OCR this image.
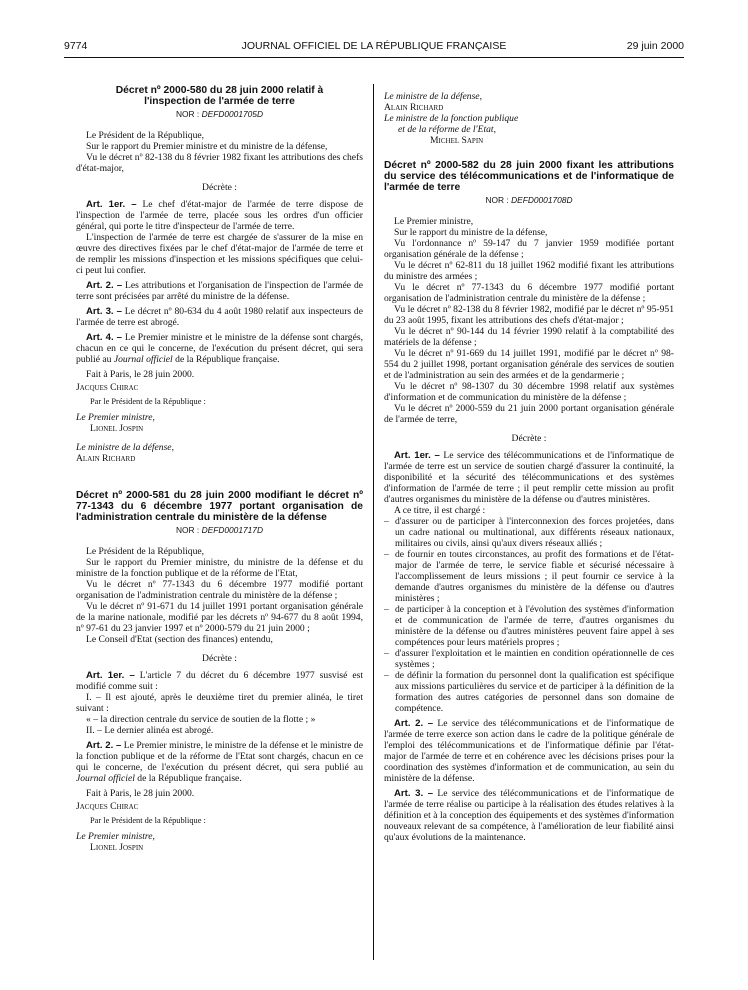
9774	JOURNAL OFFICIEL DE LA RÉPUBLIQUE FRANÇAISE	29 juin 2000
Décret nº 2000-580 du 28 juin 2000 relatif à l'inspection de l'armée de terre
NOR : DEFD0001705D

Le Président de la République,

Sur le rapport du Premier ministre et du ministre de la défense,

Vu le décret nº 82-138 du 8 février 1982 fixant les attributions des chefs d'état-major,

Décrète :

Art. 1er. – Le chef d'état-major de l'armée de terre dispose de l'inspection de l'armée de terre, placée sous les ordres d'un officier général, qui porte le titre d'inspecteur de l'armée de terre.

L'inspection de l'armée de terre est chargée de s'assurer de la mise en œuvre des directives fixées par le chef d'état-major de l'armée de terre et de remplir les missions d'inspection et les missions spécifiques que celui-ci peut lui confier.

Art. 2. – Les attributions et l'organisation de l'inspection de l'armée de terre sont précisées par arrêté du ministre de la défense.

Art. 3. – Le décret nº 80-634 du 4 août 1980 relatif aux inspecteurs de l'armée de terre est abrogé.

Art. 4. – Le Premier ministre et le ministre de la défense sont chargés, chacun en ce qui le concerne, de l'exécution du présent décret, qui sera publié au Journal officiel de la République française.

Fait à Paris, le 28 juin 2000.

Jacques Chirac

Par le Président de la République :

Le Premier ministre,

Lionel Jospin

Le ministre de la défense,

Alain Richard

Décret nº 2000-581 du 28 juin 2000 modifiant le décret nº 77-1343 du 6 décembre 1977 portant organisation de l'administration centrale du ministère de la défense
NOR : DEFD0001717D

Le Président de la République,

Sur le rapport du Premier ministre, du ministre de la défense et du ministre de la fonction publique et de la réforme de l'Etat,

Vu le décret nº 77-1343 du 6 décembre 1977 modifié portant organisation de l'administration centrale du ministère de la défense ;

Vu le décret nº 91-671 du 14 juillet 1991 portant organisation générale de la marine nationale, modifié par les décrets nº 94-677 du 8 août 1994, nº 97-61 du 23 janvier 1997 et nº 2000-579 du 21 juin 2000 ;

Le Conseil d'Etat (section des finances) entendu,

Décrète :

Art. 1er. – L'article 7 du décret du 6 décembre 1977 susvisé est modifié comme suit :

I. – Il est ajouté, après le deuxième tiret du premier alinéa, le tiret suivant :

« – la direction centrale du service de soutien de la flotte ; »

II. – Le dernier alinéa est abrogé.

Art. 2. – Le Premier ministre, le ministre de la défense et le ministre de la fonction publique et de la réforme de l'Etat sont chargés, chacun en ce qui le concerne, de l'exécution du présent décret, qui sera publié au Journal officiel de la République française.

Fait à Paris, le 28 juin 2000.

Jacques Chirac

Par le Président de la République :

Le Premier ministre,

Lionel Jospin

Le ministre de la défense,

Alain Richard

Le ministre de la fonction publique

et de la réforme de l'Etat,

Michel Sapin

Décret nº 2000-582 du 28 juin 2000 fixant les attributions du service des télécommunications et de l'informatique de l'armée de terre
NOR : DEFD0001708D

Le Premier ministre,

Sur le rapport du ministre de la défense,

Vu l'ordonnance nº 59-147 du 7 janvier 1959 modifiée portant organisation générale de la défense ;

Vu le décret nº 62-811 du 18 juillet 1962 modifié fixant les attributions du ministre des armées ;

Vu le décret nº 77-1343 du 6 décembre 1977 modifié portant organisation de l'administration centrale du ministère de la défense ;

Vu le décret nº 82-138 du 8 février 1982, modifié par le décret nº 95-951 du 23 août 1995, fixant les attributions des chefs d'état-major ;

Vu le décret nº 90-144 du 14 février 1990 relatif à la comptabilité des matériels de la défense ;

Vu le décret nº 91-669 du 14 juillet 1991, modifié par le décret nº 98-554 du 2 juillet 1998, portant organisation générale des services de soutien et de l'administration au sein des armées et de la gendarmerie ;

Vu le décret nº 98-1307 du 30 décembre 1998 relatif aux systèmes d'information et de communication du ministère de la défense ;

Vu le décret nº 2000-559 du 21 juin 2000 portant organisation générale de l'armée de terre,

Décrète :

Art. 1er. – Le service des télécommunications et de l'informatique de l'armée de terre est un service de soutien chargé d'assurer la continuité, la disponibilité et la sécurité des télécommunications et des systèmes d'information de l'armée de terre ; il peut remplir cette mission au profit d'autres organismes du ministère de la défense ou d'autres ministères.

A ce titre, il est chargé :

– d'assurer ou de participer à l'interconnexion des forces projetées, dans un cadre national ou multinational, aux différents réseaux nationaux, militaires ou civils, ainsi qu'aux divers réseaux alliés ;
– de fournir en toutes circonstances, au profit des formations et de l'état-major de l'armée de terre, le service fiable et sécurisé nécessaire à l'accomplissement de leurs missions ; il peut fournir ce service à la demande d'autres organismes du ministère de la défense ou d'autres ministères ;
– de participer à la conception et à l'évolution des systèmes d'information et de communication de l'armée de terre, d'autres organismes du ministère de la défense ou d'autres ministères peuvent faire appel à ses compétences pour leurs matériels propres ;
– d'assurer l'exploitation et le maintien en condition opérationnelle de ces systèmes ;
– de définir la formation du personnel dont la qualification est spécifique aux missions particulières du service et de participer à la définition de la formation des autres catégories de personnel dans son domaine de compétence.

Art. 2. – Le service des télécommunications et de l'informatique de l'armée de terre exerce son action dans le cadre de la politique générale de l'emploi des télécommunications et de l'informatique définie par l'état-major de l'armée de terre et en cohérence avec les décisions prises pour la coordination des systèmes d'information et de communication, au sein du ministère de la défense.

Art. 3. – Le service des télécommunications et de l'informatique de l'armée de terre réalise ou participe à la réalisation des études relatives à la définition et à la conception des équipements et des systèmes d'information nouveaux relevant de sa compétence, à l'amélioration de leur fiabilité ainsi qu'aux évolutions de la maintenance.
